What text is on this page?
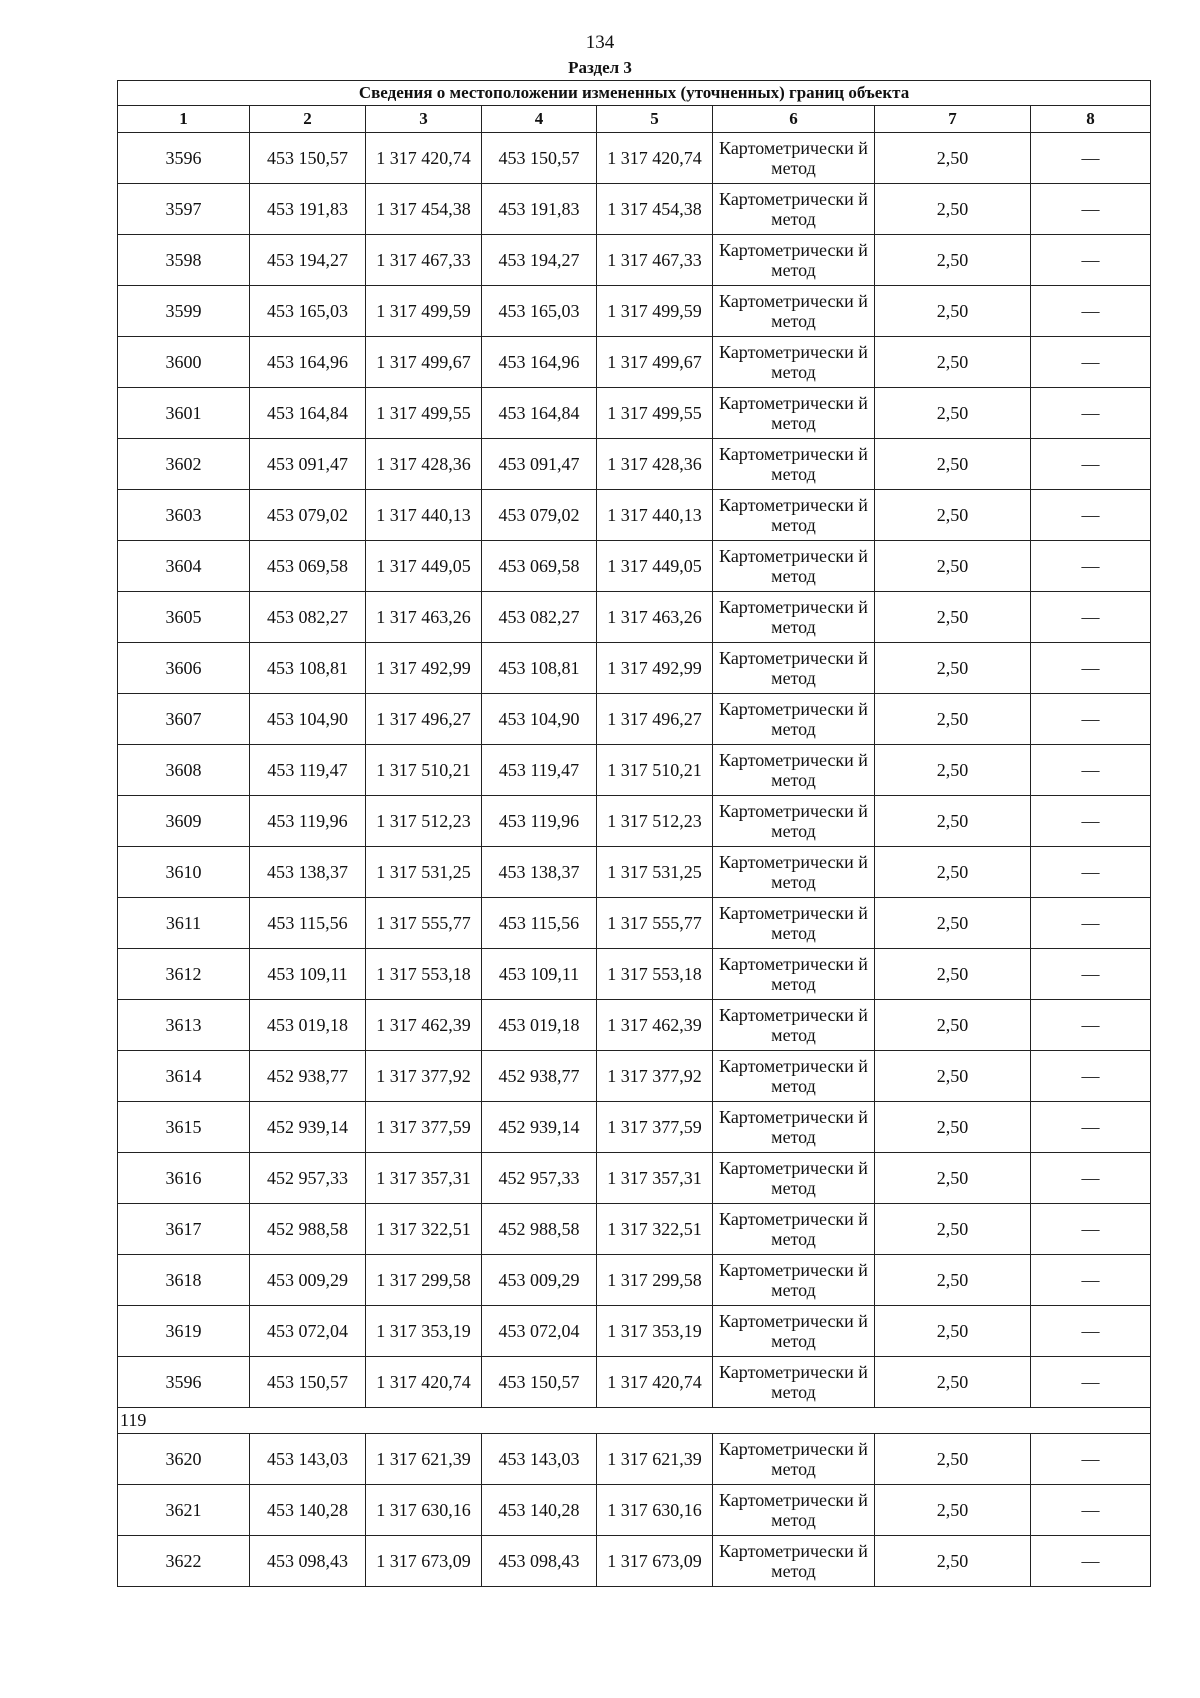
134
Раздел 3
Сведения о местоположении измененных (уточненных) границ объекта							
1	2	3	4	5	6	7	8
3596	453 150,57	1 317 420,74	453 150,57	1 317 420,74	Картометрически й метод	2,50	—
3597	453 191,83	1 317 454,38	453 191,83	1 317 454,38	Картометрически й метод	2,50	—
3598	453 194,27	1 317 467,33	453 194,27	1 317 467,33	Картометрически й метод	2,50	—
3599	453 165,03	1 317 499,59	453 165,03	1 317 499,59	Картометрически й метод	2,50	—
3600	453 164,96	1 317 499,67	453 164,96	1 317 499,67	Картометрически й метод	2,50	—
3601	453 164,84	1 317 499,55	453 164,84	1 317 499,55	Картометрически й метод	2,50	—
3602	453 091,47	1 317 428,36	453 091,47	1 317 428,36	Картометрически й метод	2,50	—
3603	453 079,02	1 317 440,13	453 079,02	1 317 440,13	Картометрически й метод	2,50	—
3604	453 069,58	1 317 449,05	453 069,58	1 317 449,05	Картометрически й метод	2,50	—
3605	453 082,27	1 317 463,26	453 082,27	1 317 463,26	Картометрически й метод	2,50	—
3606	453 108,81	1 317 492,99	453 108,81	1 317 492,99	Картометрически й метод	2,50	—
3607	453 104,90	1 317 496,27	453 104,90	1 317 496,27	Картометрически й метод	2,50	—
3608	453 119,47	1 317 510,21	453 119,47	1 317 510,21	Картометрически й метод	2,50	—
3609	453 119,96	1 317 512,23	453 119,96	1 317 512,23	Картометрически й метод	2,50	—
3610	453 138,37	1 317 531,25	453 138,37	1 317 531,25	Картометрически й метод	2,50	—
3611	453 115,56	1 317 555,77	453 115,56	1 317 555,77	Картометрически й метод	2,50	—
3612	453 109,11	1 317 553,18	453 109,11	1 317 553,18	Картометрически й метод	2,50	—
3613	453 019,18	1 317 462,39	453 019,18	1 317 462,39	Картометрически й метод	2,50	—
3614	452 938,77	1 317 377,92	452 938,77	1 317 377,92	Картометрически й метод	2,50	—
3615	452 939,14	1 317 377,59	452 939,14	1 317 377,59	Картометрически й метод	2,50	—
3616	452 957,33	1 317 357,31	452 957,33	1 317 357,31	Картометрически й метод	2,50	—
3617	452 988,58	1 317 322,51	452 988,58	1 317 322,51	Картометрически й метод	2,50	—
3618	453 009,29	1 317 299,58	453 009,29	1 317 299,58	Картометрически й метод	2,50	—
3619	453 072,04	1 317 353,19	453 072,04	1 317 353,19	Картометрически й метод	2,50	—
3596	453 150,57	1 317 420,74	453 150,57	1 317 420,74	Картометрически й метод	2,50	—
119							
3620	453 143,03	1 317 621,39	453 143,03	1 317 621,39	Картометрически й метод	2,50	—
3621	453 140,28	1 317 630,16	453 140,28	1 317 630,16	Картометрически й метод	2,50	—
3622	453 098,43	1 317 673,09	453 098,43	1 317 673,09	Картометрически й метод	2,50	—
